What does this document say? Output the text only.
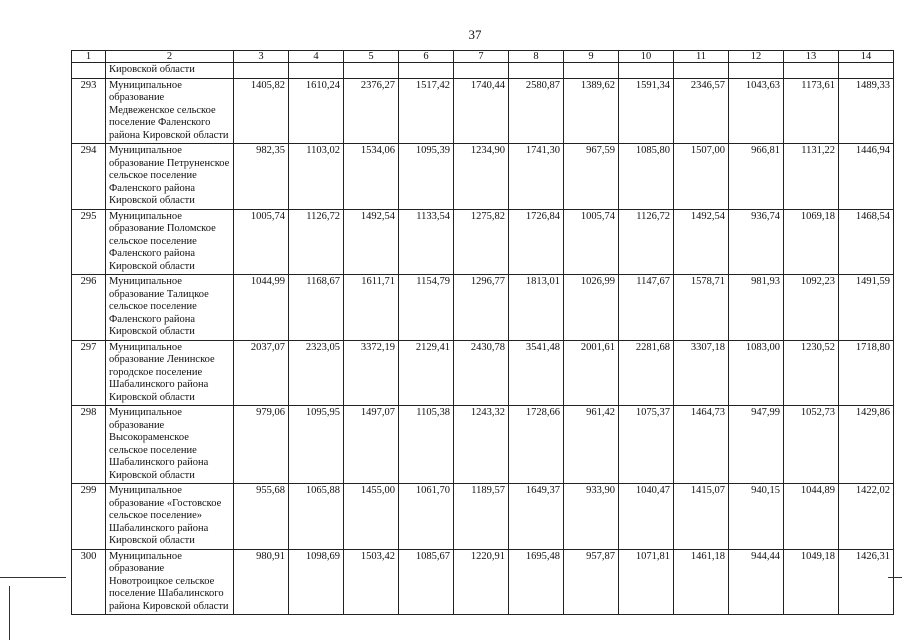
37
1	2	3	4	5	6	7	8	9	10	11	12	13	14
	Кировской области												
293	Муниципальное образование Медвеженское сельское поселение Фаленского района Кировской области	1405,82	1610,24	2376,27	1517,42	1740,44	2580,87	1389,62	1591,34	2346,57	1043,63	1173,61	1489,33
294	Муниципальное образование Петруненское сельское поселение Фаленского района Кировской области	982,35	1103,02	1534,06	1095,39	1234,90	1741,30	967,59	1085,80	1507,00	966,81	1131,22	1446,94
295	Муниципальное образование Поломское сельское поселение Фаленского района Кировской области	1005,74	1126,72	1492,54	1133,54	1275,82	1726,84	1005,74	1126,72	1492,54	936,74	1069,18	1468,54
296	Муниципальное образование Талицкое сельское поселение Фаленского района Кировской области	1044,99	1168,67	1611,71	1154,79	1296,77	1813,01	1026,99	1147,67	1578,71	981,93	1092,23	1491,59
297	Муниципальное образование Ленинское городское поселение Шабалинского района Кировской области	2037,07	2323,05	3372,19	2129,41	2430,78	3541,48	2001,61	2281,68	3307,18	1083,00	1230,52	1718,80
298	Муниципальное образование Высокораменское сельское поселение Шабалинского района Кировской области	979,06	1095,95	1497,07	1105,38	1243,32	1728,66	961,42	1075,37	1464,73	947,99	1052,73	1429,86
299	Муниципальное образование «Гостовское сельское поселение» Шабалинского района Кировской области	955,68	1065,88	1455,00	1061,70	1189,57	1649,37	933,90	1040,47	1415,07	940,15	1044,89	1422,02
300	Муниципальное образование Новотроицкое сельское поселение Шабалинского района Кировской области	980,91	1098,69	1503,42	1085,67	1220,91	1695,48	957,87	1071,81	1461,18	944,44	1049,18	1426,31
